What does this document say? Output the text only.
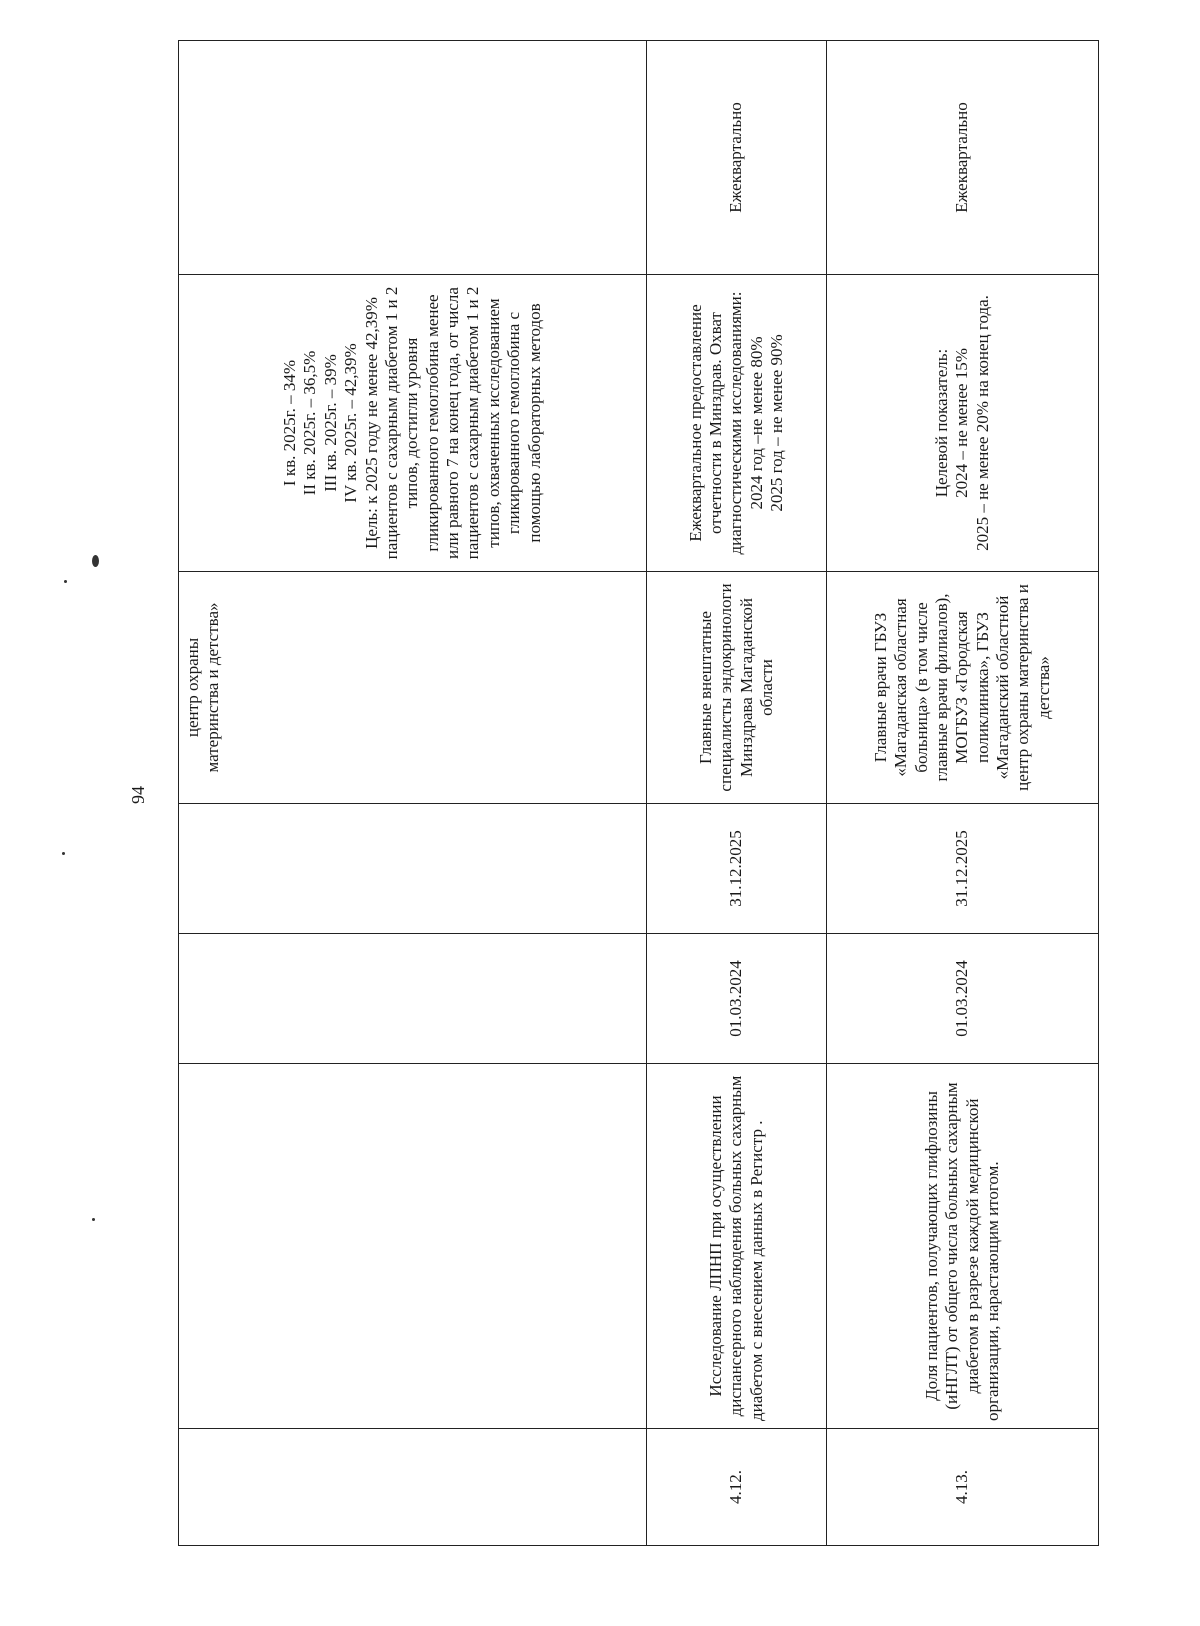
94
				центр охраны
материнства и детства»	I кв. 2025г. – 34%
II кв. 2025г. – 36,5%
III кв. 2025г. – 39%
IV кв. 2025г. – 42,39%
Цель: к 2025 году не менее 42,39% пациентов с сахарным диабетом 1 и 2 типов, достигли уровня гликированного гемоглобина менее или равного 7 на конец года, от числа пациентов с сахарным диабетом 1 и 2 типов, охваченных исследованием гликированного гемоглобина с помощью лабораторных методов	
4.12.	Исследование ЛПНП при осуществлении диспансерного наблюдения больных сахарным диабетом с внесением данных в Регистр .	01.03.2024	31.12.2025	Главные внештатные специалисты эндокринологи Минздрава Магаданской области	Ежеквартальное предоставление отчетности в Минздрав. Охват диагностическими исследованиями:
2024 год –не менее 80%
2025 год – не менее 90%	Ежеквартально
4.13.	Доля пациентов, получающих глифлозины (иНГЛТ) от общего числа больных сахарным диабетом в разрезе каждой медицинской организации, нарастающим итогом.	01.03.2024	31.12.2025	Главные врачи ГБУЗ «Магаданская областная больница» (в том числе главные врачи филиалов), МОГБУЗ «Городская поликлиника», ГБУЗ «Магаданский областной центр охраны материнства и детства»	Целевой показатель:
2024 – не менее 15%
2025 – не менее 20% на конец года.	Ежеквартально
